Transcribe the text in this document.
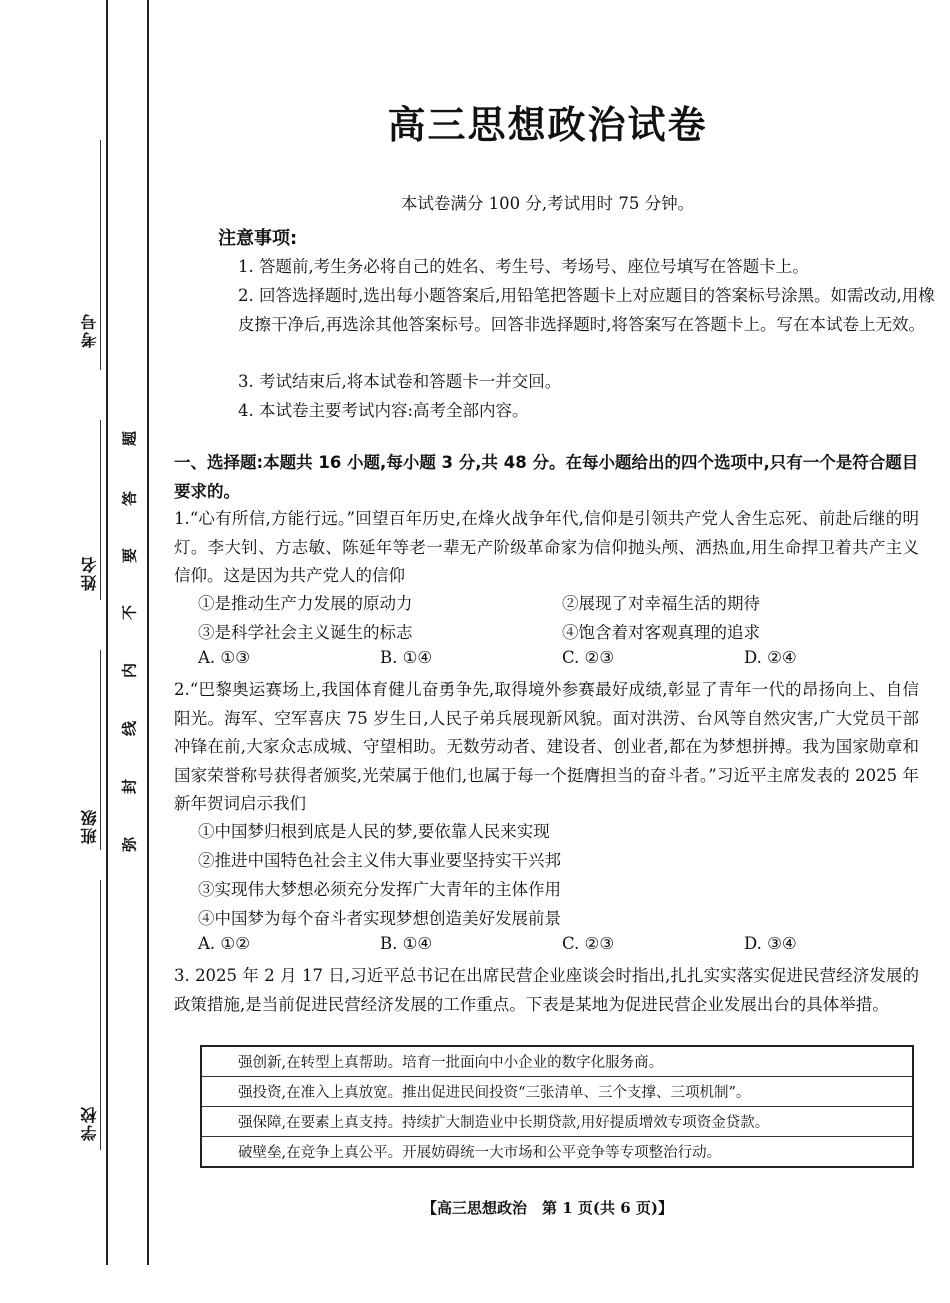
考号
姓名
班级
学校
题
答
要
不
内
线
封
弥
高三思想政治试卷
本试卷满分 100 分,考试用时 75 分钟。
注意事项:
1. 答题前,考生务必将自己的姓名、考生号、考场号、座位号填写在答题卡上。
2. 回答选择题时,选出每小题答案后,用铅笔把答题卡上对应题目的答案标号涂黑。如需改动,用橡皮擦干净后,再选涂其他答案标号。回答非选择题时,将答案写在答题卡上。写在本试卷上无效。
3. 考试结束后,将本试卷和答题卡一并交回。
4. 本试卷主要考试内容:高考全部内容。
一、选择题:本题共 16 小题,每小题 3 分,共 48 分。在每小题给出的四个选项中,只有一个是符合题目要求的。
1.“心有所信,方能行远。”回望百年历史,在烽火战争年代,信仰是引领共产党人舍生忘死、前赴后继的明灯。李大钊、方志敏、陈延年等老一辈无产阶级革命家为信仰抛头颅、洒热血,用生命捍卫着共产主义信仰。这是因为共产党人的信仰
①是推动生产力发展的原动力	②展现了对幸福生活的期待
③是科学社会主义诞生的标志	④饱含着对客观真理的追求
A. ①③	B. ①④	C. ②③	D. ②④
2.“巴黎奥运赛场上,我国体育健儿奋勇争先,取得境外参赛最好成绩,彰显了青年一代的昂扬向上、自信阳光。海军、空军喜庆 75 岁生日,人民子弟兵展现新风貌。面对洪涝、台风等自然灾害,广大党员干部冲锋在前,大家众志成城、守望相助。无数劳动者、建设者、创业者,都在为梦想拼搏。我为国家勋章和国家荣誉称号获得者颁奖,光荣属于他们,也属于每一个挺膺担当的奋斗者。”习近平主席发表的 2025 年新年贺词启示我们
①中国梦归根到底是人民的梦,要依靠人民来实现
②推进中国特色社会主义伟大事业要坚持实干兴邦
③实现伟大梦想必须充分发挥广大青年的主体作用
④中国梦为每个奋斗者实现梦想创造美好发展前景
A. ①②	B. ①④	C. ②③	D. ③④
3. 2025 年 2 月 17 日,习近平总书记在出席民营企业座谈会时指出,扎扎实实落实促进民营经济发展的政策措施,是当前促进民营经济发展的工作重点。下表是某地为促进民营企业发展出台的具体举措。
强创新,在转型上真帮助。培育一批面向中小企业的数字化服务商。
强投资,在准入上真放宽。推出促进民间投资“三张清单、三个支撑、三项机制”。
强保障,在要素上真支持。持续扩大制造业中长期贷款,用好提质增效专项资金贷款。
破壁垒,在竞争上真公平。开展妨碍统一大市场和公平竞争等专项整治行动。
【高三思想政治　第 1 页(共 6 页)】
